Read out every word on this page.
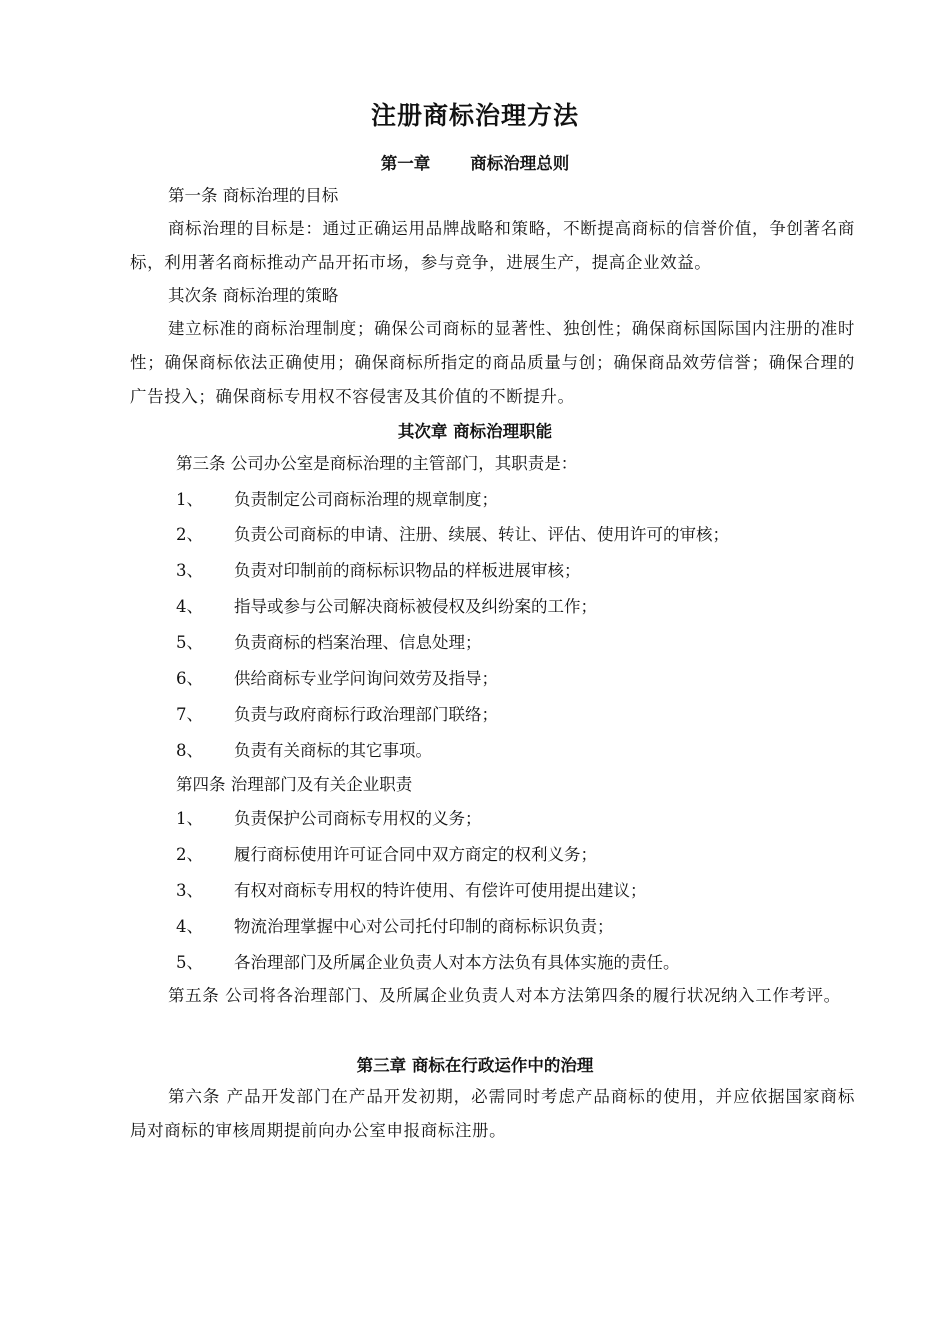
注册商标治理方法
第一章 商标治理总则
第一条 商标治理的目标
商标治理的目标是：通过正确运用品牌战略和策略，不断提高商标的信誉价值，争创著名商标，利用著名商标推动产品开拓市场，参与竞争，进展生产，提高企业效益。
其次条 商标治理的策略
建立标准的商标治理制度；确保公司商标的显著性、独创性；确保商标国际国内注册的准时性；确保商标依法正确使用；确保商标所指定的商品质量与创；确保商品效劳信誉；确保合理的广告投入；确保商标专用权不容侵害及其价值的不断提升。
其次章 商标治理职能
第三条 公司办公室是商标治理的主管部门，其职责是：
1、 负责制定公司商标治理的规章制度；
2、 负责公司商标的申请、注册、续展、转让、评估、使用许可的审核；
3、 负责对印制前的商标标识物品的样板进展审核；
4、 指导或参与公司解决商标被侵权及纠纷案的工作；
5、 负责商标的档案治理、信息处理；
6、 供给商标专业学问询问效劳及指导；
7、 负责与政府商标行政治理部门联络；
8、 负责有关商标的其它事项。
第四条 治理部门及有关企业职责
1、 负责保护公司商标专用权的义务；
2、 履行商标使用许可证合同中双方商定的权利义务；
3、 有权对商标专用权的特许使用、有偿许可使用提出建议；
4、 物流治理掌握中心对公司托付印制的商标标识负责；
5、 各治理部门及所属企业负责人对本方法负有具体实施的责任。
第五条 公司将各治理部门、及所属企业负责人对本方法第四条的履行状况纳入工作考评。
第三章 商标在行政运作中的治理
第六条 产品开发部门在产品开发初期，必需同时考虑产品商标的使用，并应依据国家商标局对商标的审核周期提前向办公室申报商标注册。
